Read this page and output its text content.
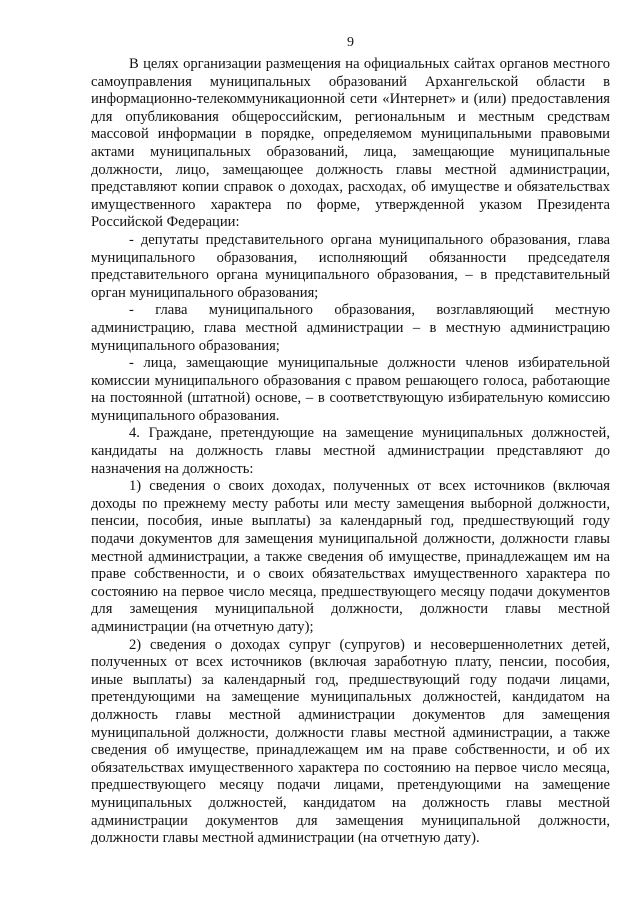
9

В целях организации размещения на официальных сайтах органов местного самоуправления муниципальных образований Архангельской области в информационно-телекоммуникационной сети «Интернет» и (или) предоставления для опубликования общероссийским, региональным и местным средствам массовой информации в порядке, определяемом муниципальными правовыми актами муниципальных образований, лица, замещающие муниципальные должности, лицо, замещающее должность главы местной администрации, представляют копии справок о доходах, расходах, об имуществе и обязательствах имущественного характера по форме, утвержденной указом Президента Российской Федерации:

- депутаты представительного органа муниципального образования, глава муниципального образования, исполняющий обязанности председателя представительного органа муниципального образования, – в представительный орган муниципального образования;

- глава муниципального образования, возглавляющий местную администрацию, глава местной администрации – в местную администрацию муниципального образования;

- лица, замещающие муниципальные должности членов избирательной комиссии муниципального образования с правом решающего голоса, работающие на постоянной (штатной) основе, – в соответствующую избирательную комиссию муниципального образования.

4. Граждане, претендующие на замещение муниципальных должностей, кандидаты на должность главы местной администрации представляют до назначения на должность:

1) сведения о своих доходах, полученных от всех источников (включая доходы по прежнему месту работы или месту замещения выборной должности, пенсии, пособия, иные выплаты) за календарный год, предшествующий году подачи документов для замещения муниципальной должности, должности главы местной администрации, а также сведения об имуществе, принадлежащем им на праве собственности, и о своих обязательствах имущественного характера по состоянию на первое число месяца, предшествующего месяцу подачи документов для замещения муниципальной должности, должности главы местной администрации (на отчетную дату);

2) сведения о доходах супруг (супругов) и несовершеннолетних детей, полученных от всех источников (включая заработную плату, пенсии, пособия, иные выплаты) за календарный год, предшествующий году подачи лицами, претендующими на замещение муниципальных должностей, кандидатом на должность главы местной администрации документов для замещения муниципальной должности, должности главы местной администрации, а также сведения об имуществе, принадлежащем им на праве собственности, и об их обязательствах имущественного характера по состоянию на первое число месяца, предшествующего месяцу подачи лицами, претендующими на замещение муниципальных должностей, кандидатом на должность главы местной администрации документов для замещения муниципальной должности, должности главы местной администрации (на отчетную дату).
